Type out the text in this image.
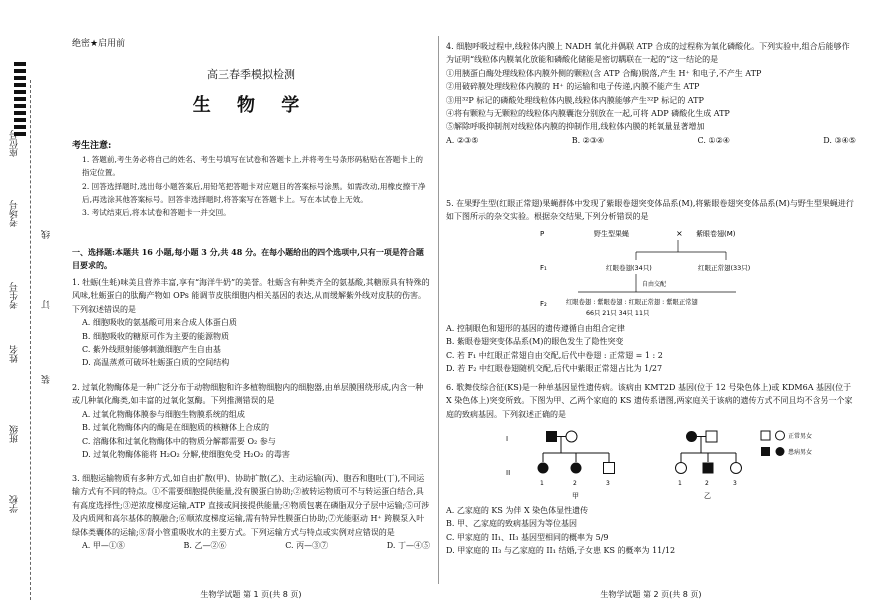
学校
班级
姓名
考生号
考场号
座位号
线
订
装
绝密★启用前
高三春季模拟检测
生 物 学
考生注意:

1. 答题前,考生务必将自己的姓名、考生号填写在试卷和答题卡上,并将考生号条形码粘贴在答题卡上的指定位置。

2. 回答选择题时,选出每小题答案后,用铅笔把答题卡对应题目的答案标号涂黑。如需改动,用橡皮擦干净后,再选涂其他答案标号。回答非选择题时,将答案写在答题卡上。写在本试卷上无效。

3. 考试结束后,将本试卷和答题卡一并交回。

一、选择题:本题共 16 小题,每小题 3 分,共 48 分。在每小题给出的四个选项中,只有一项是符合题目要求的。

1. 牡蛎(生蚝)味美且营养丰富,享有“海洋牛奶”的美誉。牡蛎含有种类齐全的氨基酸,其糖原具有特殊的风味,牡蛎蛋白的肽酶产物如 OPs 能调节皮肤细胞内相关基因的表达,从而缓解紫外线对皮肤的伤害。下列叙述错误的是

A. 细胞吸收的氨基酸可用来合成人体蛋白质

B. 细胞吸收的糖原可作为主要的能源物质

C. 紫外线照射能够刺激细胞产生自由基

D. 高温蒸煮可破坏牡蛎蛋白质的空间结构

2. 过氧化物酶体是一种广泛分布于动物细胞和许多植物细胞内的细胞器,由单层膜围绕形成,内含一种或几种氧化酶类,如丰富的过氧化氢酶。下列推测错误的是

A. 过氧化物酶体膜参与细胞生物膜系统的组成

B. 过氧化物酶体内的酶是在细胞质的核糖体上合成的

C. 溶酶体和过氧化物酶体中的物质分解都需要 O₂ 参与

D. 过氧化物酶体能将 H₂O₂ 分解,使细胞免受 H₂O₂ 的毒害

3. 细胞运输物质有多种方式,如自由扩散(甲)、协助扩散(乙)、主动运输(丙)、胞吞和胞吐(丁),不同运输方式有不同的特点。①不需要细胞提供能量,没有膜蛋白协助;②被转运物质可不与转运蛋白结合,具有高度选择性;③逆浓度梯度运输,ATP 直接或间接提供能量;④物质包裹在磷脂双分子层中运输;⑤可涉及内质网和高尔基体的膜融合;⑥顺浓度梯度运输,需有特异性膜蛋白协助;⑦光能驱动 H⁺ 跨膜泵入叶绿体类囊体的运输;⑧肾小管重吸收水的主要方式。下列运输方式与特点或实例对应错误的是

A. 甲—①⑧	B. 乙—②⑥	C. 丙—③⑦	D. 丁—④⑤
生物学试题 第 1 页(共 8 页)

4. 细胞呼吸过程中,线粒体内膜上 NADH 氧化并偶联 ATP 合成的过程称为氧化磷酸化。下列实验中,组合后能够作为证明“线粒体内膜氧化放能和磷酸化储能是密切耦联在一起的”这一结论的是

①用胰蛋白酶处理线粒体内膜外侧的颗粒(含 ATP 合酶)脱落,产生 H⁺ 和电子,不产生 ATP

②用破碎膜处理线粒体内膜的 H⁺ 的运输和电子传递,内膜不能产生 ATP

③用³²P 标记的磷酸处理线粒体内膜,线粒体内膜能够产生³²P 标记的 ATP

④将有颗粒与无颗粒的线粒体内膜囊泡分别放在一起,可将 ADP 磷酸化生成 ATP

⑤解除呼吸抑制剂对线粒体内膜的抑制作用,线粒体内膜的耗氧量显著增加

A. ②③⑤	B. ②③④	C. ①②④	D. ③④⑤

5. 在果野生型(红眼正常翅)果蝇群体中发现了紫眼卷翅突变体品系(M),将紫眼卷翅突变体品系(M)与野生型果蝇进行如下图所示的杂交实验。根据杂交结果,下列分析错误的是

P	野生型果蝇	× 紫眼卷翅(M)
F₁	红眼卷翅(34只)	红眼正常翅(33只)
自由交配
F₂	红眼卷翅 : 紫眼卷翅 : 红眼正常翅 : 紫眼正常翅
66只 21只 34只 11只

A. 控制眼色和翅形的基因的遗传遵循自由组合定律

B. 紫眼卷翅突变体品系(M)的眼色发生了隐性突变

C. 若 F₁ 中红眼正常翅自由交配,后代中卷翅 : 正常翅 = 1 : 2

D. 若 F₂ 中红眼卷翅随机交配,后代中紫眼正常翅占比为 1/27

6. 歌舞伎综合征(KS)是一种单基因显性遗传病。该病由 KMT2D 基因(位于 12 号染色体上)或 KDM6A 基因(位于 X 染色体上)突变所致。下图为甲、乙两个家庭的 KS 遗传系谱图,两家庭关于该病的遗传方式不同且均不含另一个家庭的致病基因。下列叙述正确的是

I
II
1	2	3
甲
1	2	3
乙
正常男女
患病男女

A. 乙家庭的 KS 为伴 X 染色体显性遗传

B. 甲、乙家庭的致病基因为等位基因

C. 甲家庭的 II₁、II₃ 基因型相同的概率为 5/9

D. 甲家庭的 II₃ 与乙家庭的 II₁ 结婚,子女患 KS 的概率为 11/12

生物学试题 第 2 页(共 8 页)
